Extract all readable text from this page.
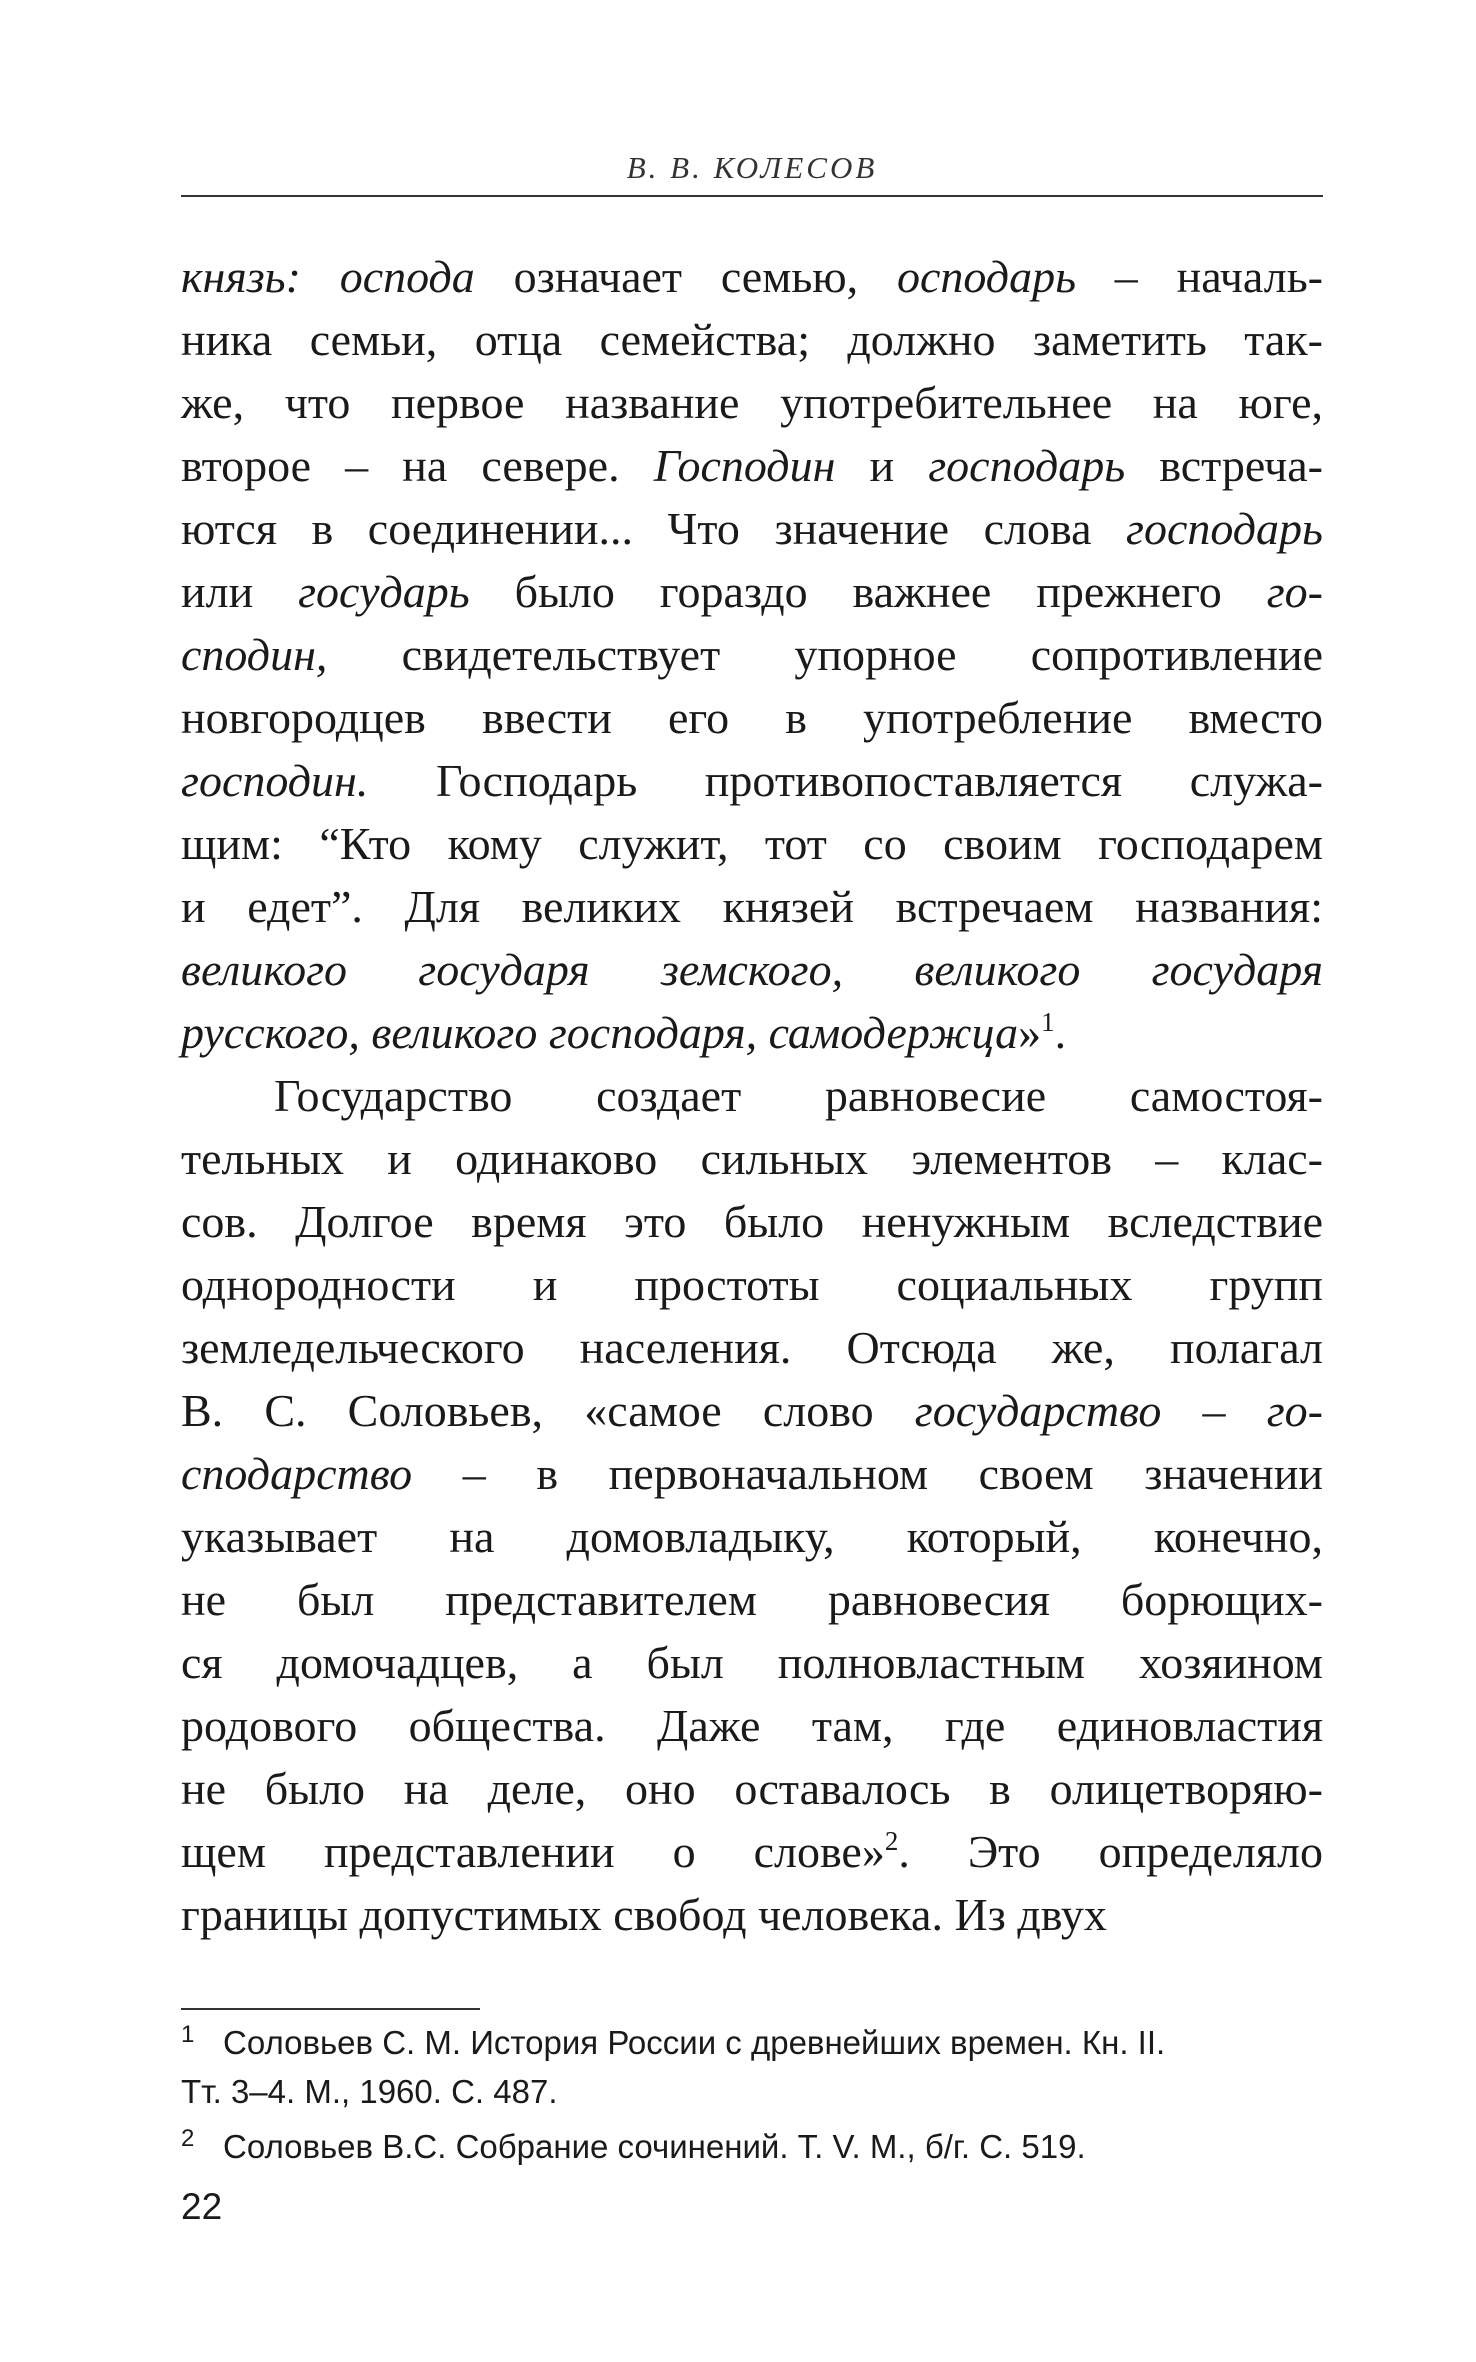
В. В. КОЛЕСОВ
князь: оспода означает семью, осподарь – началь-
ника семьи, отца семейства; должно заметить так-
же, что первое название употребительнее на юге,
второе – на севере. Господин и господарь встреча-
ются в соединении... Что значение слова господарь
или государь было гораздо важнее прежнего го-
сподин, свидетельствует упорное сопротивление
новгородцев ввести его в употребление вместо
господин. Господарь противопоставляется служа-
щим: “Кто кому служит, тот со своим господарем
и едет”. Для великих князей встречаем названия:
великого государя земского, великого государя
русского, великого господаря, самодержца»$^1$.
Государство создает равновесие самостоя-
тельных и одинаково сильных элементов – клас-
сов. Долгое время это было ненужным вследствие
однородности и простоты социальных групп
земледельческого населения. Отсюда же, полагал
В. С. Соловьев, «самое слово государство – го-
сподарство – в первоначальном своем значении
указывает на домовладыку, который, конечно,
не был представителем равновесия борющих-
ся домочадцев, а был полновластным хозяином
родового общества. Даже там, где единовластия
не было на деле, оно оставалось в олицетворяю-
щем представлении о слове»$^2$. Это определяло
границы допустимых свобод человека. Из двух
1 Соловьев С. М. История России с древнейших времен. Кн. II.
Тт. 3–4. М., 1960. С. 487.
2 Соловьев В.С. Собрание сочинений. Т. V. М., б/г. С. 519.
22
